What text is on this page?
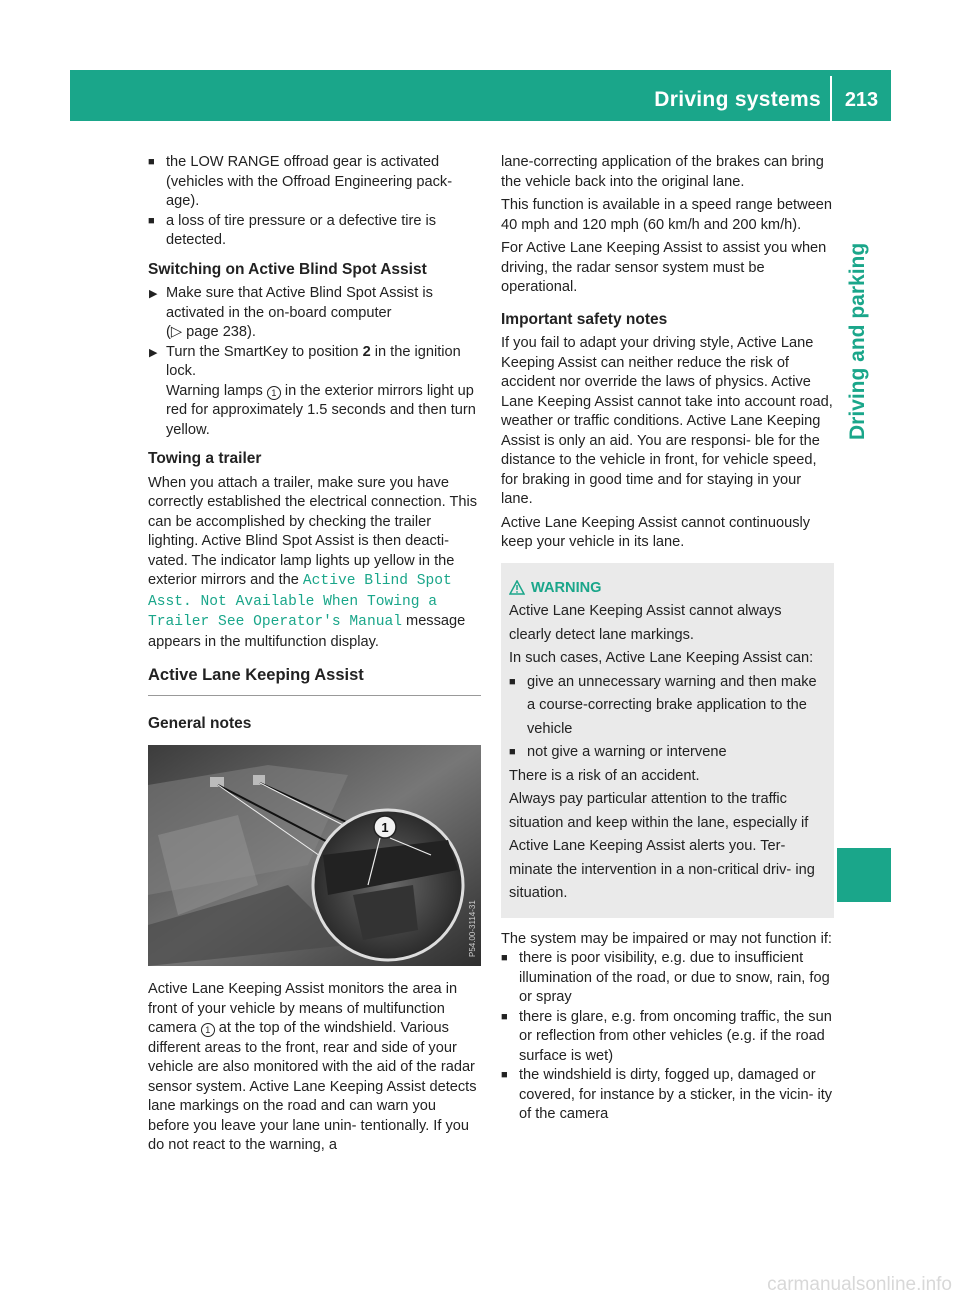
Driving systems	213
Driving and parking
■ the LOW RANGE offroad gear is activated (vehicles with the Offroad Engineering pack- age).
■ a loss of tire pressure or a defective tire is detected.
Switching on Active Blind Spot Assist
▶ Make sure that Active Blind Spot Assist is activated in the on-board computer
(▷ page 238).
▶ Turn the SmartKey to position 2 in the ignition lock.
Warning lamps 1 in the exterior mirrors light up red for approximately 1.5 seconds and then turn yellow.
Towing a trailer

When you attach a trailer, make sure you have correctly established the electrical connection. This can be accomplished by checking the trailer lighting. Active Blind Spot Assist is then deacti- vated. The indicator lamp lights up yellow in the exterior mirrors and the Active Blind Spot Asst. Not Available When Towing a Trailer See Operator's Manual message appears in the multifunction display.

Active Lane Keeping Assist
General notes
1
P54.00-3114-31

Active Lane Keeping Assist monitors the area in front of your vehicle by means of multifunction camera 1 at the top of the windshield. Various different areas to the front, rear and side of your vehicle are also monitored with the aid of the radar sensor system. Active Lane Keeping Assist detects lane markings on the road and can warn you before you leave your lane unin- tentionally. If you do not react to the warning, a

lane-correcting application of the brakes can bring the vehicle back into the original lane.

This function is available in a speed range between 40 mph and 120 mph (60 km/h and 200 km/h).

For Active Lane Keeping Assist to assist you when driving, the radar sensor system must be operational.

Important safety notes

If you fail to adapt your driving style, Active Lane Keeping Assist can neither reduce the risk of accident nor override the laws of physics. Active Lane Keeping Assist cannot take into account road, weather or traffic conditions. Active Lane Keeping Assist is only an aid. You are responsi- ble for the distance to the vehicle in front, for vehicle speed, for braking in good time and for staying in your lane.

Active Lane Keeping Assist cannot continuously keep your vehicle in its lane.

WARNING

Active Lane Keeping Assist cannot always clearly detect lane markings.

In such cases, Active Lane Keeping Assist can:

■ give an unnecessary warning and then make a course-correcting brake application to the vehicle
■ not give a warning or intervene

There is a risk of an accident.

Always pay particular attention to the traffic situation and keep within the lane, especially if Active Lane Keeping Assist alerts you. Ter- minate the intervention in a non-critical driv- ing situation.

The system may be impaired or may not function if:

■ there is poor visibility, e.g. due to insufficient illumination of the road, or due to snow, rain, fog or spray
■ there is glare, e.g. from oncoming traffic, the sun or reflection from other vehicles (e.g. if the road surface is wet)
■ the windshield is dirty, fogged up, damaged or covered, for instance by a sticker, in the vicin- ity of the camera
carmanualsonline.info
